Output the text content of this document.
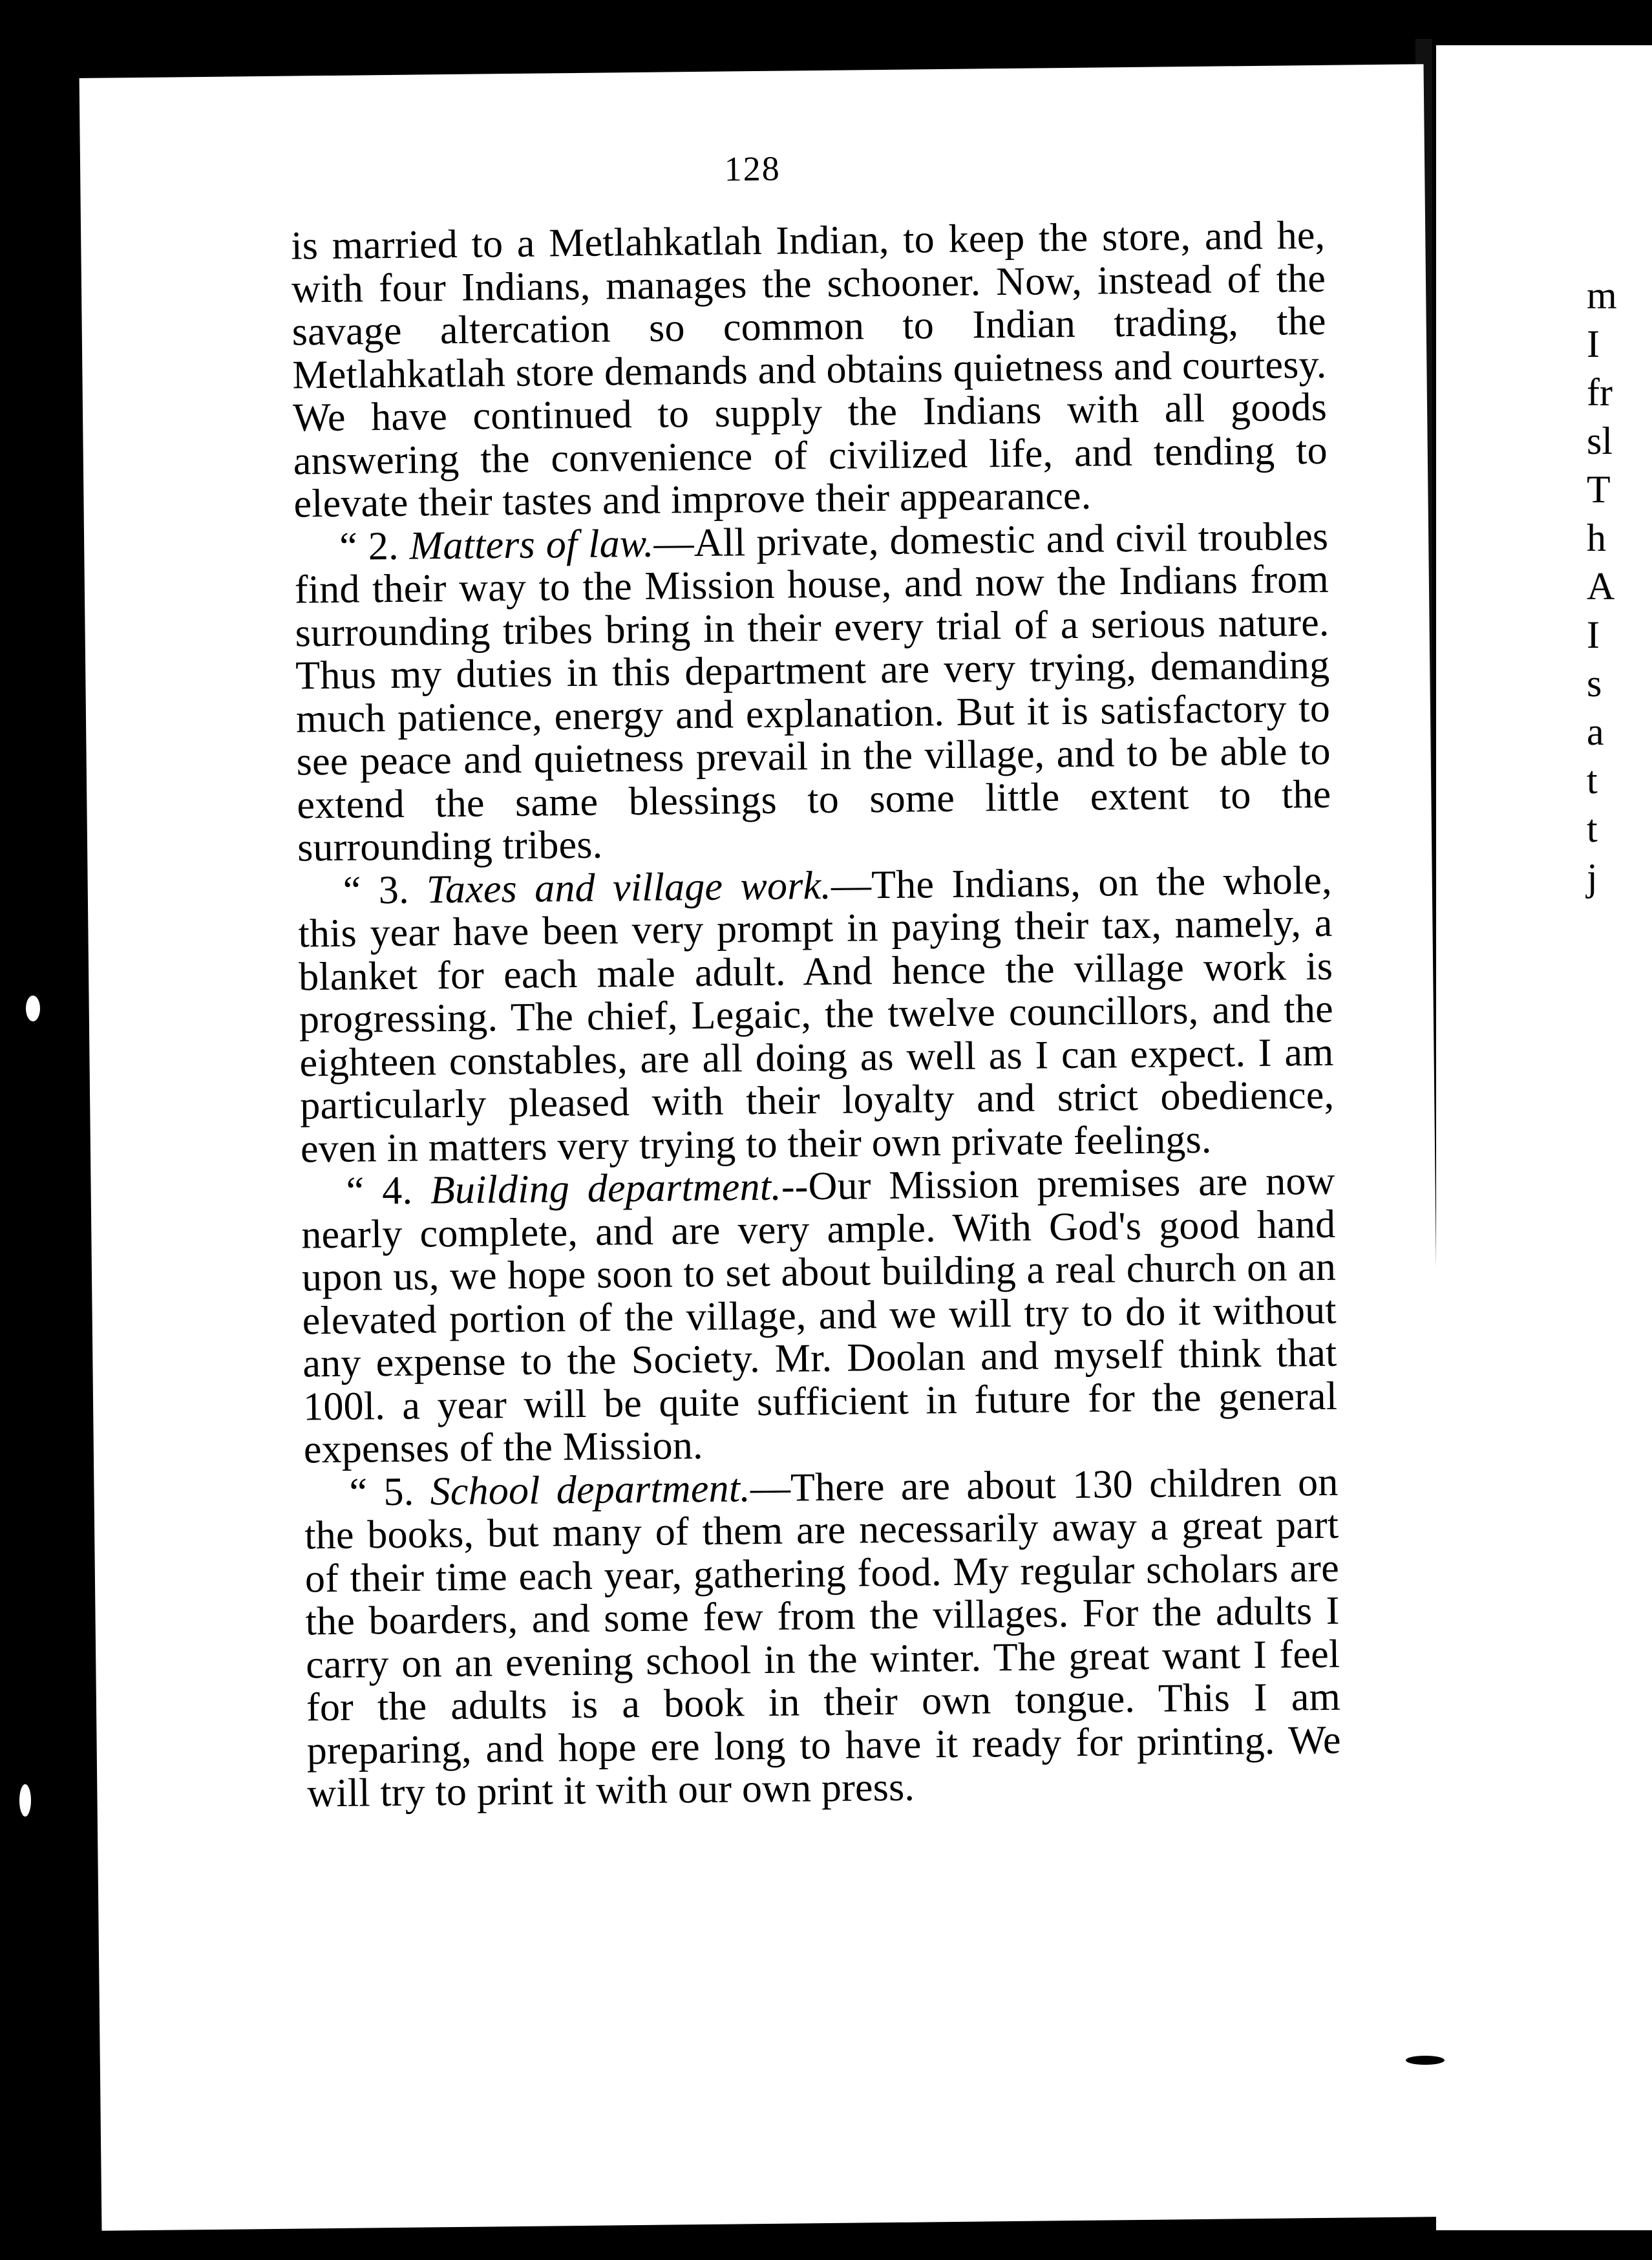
m
I
fr
sl
T
h
A
I
s
a
t
t
j
128

is married to a Metlahkatlah Indian, to keep the store, and he, with four Indians, manages the schooner. Now, instead of the savage altercation so common to Indian trading, the Metlahkatlah store demands and obtains quietness and courtesy. We have continued to supply the Indians with all goods answering the convenience of civilized life, and tending to elevate their tastes and improve their appearance.

“ 2. Matters of law.—All private, domestic and civil troubles find their way to the Mission house, and now the Indians from surrounding tribes bring in their every trial of a serious nature. Thus my duties in this department are very trying, demanding much patience, energy and explanation. But it is satisfactory to see peace and quietness prevail in the village, and to be able to extend the same blessings to some little extent to the surrounding tribes.

“ 3. Taxes and village work.—The Indians, on the whole, this year have been very prompt in paying their tax, namely, a blanket for each male adult. And hence the village work is progressing. The chief, Legaic, the twelve councillors, and the eighteen constables, are all doing as well as I can expect. I am particularly pleased with their loyalty and strict obedience, even in matters very trying to their own private feelings.

“ 4. Building department.--Our Mission premises are now nearly complete, and are very ample. With God's good hand upon us, we hope soon to set about building a real church on an elevated portion of the village, and we will try to do it without any expense to the Society. Mr. Doolan and myself think that 100l. a year will be quite sufficient in future for the general expenses of the Mission.

“ 5. School department.—There are about 130 children on the books, but many of them are necessarily away a great part of their time each year, gathering food. My regular scholars are the boarders, and some few from the villages. For the adults I carry on an evening school in the winter. The great want I feel for the adults is a book in their own tongue. This I am preparing, and hope ere long to have it ready for printing. We will try to print it with our own press.
